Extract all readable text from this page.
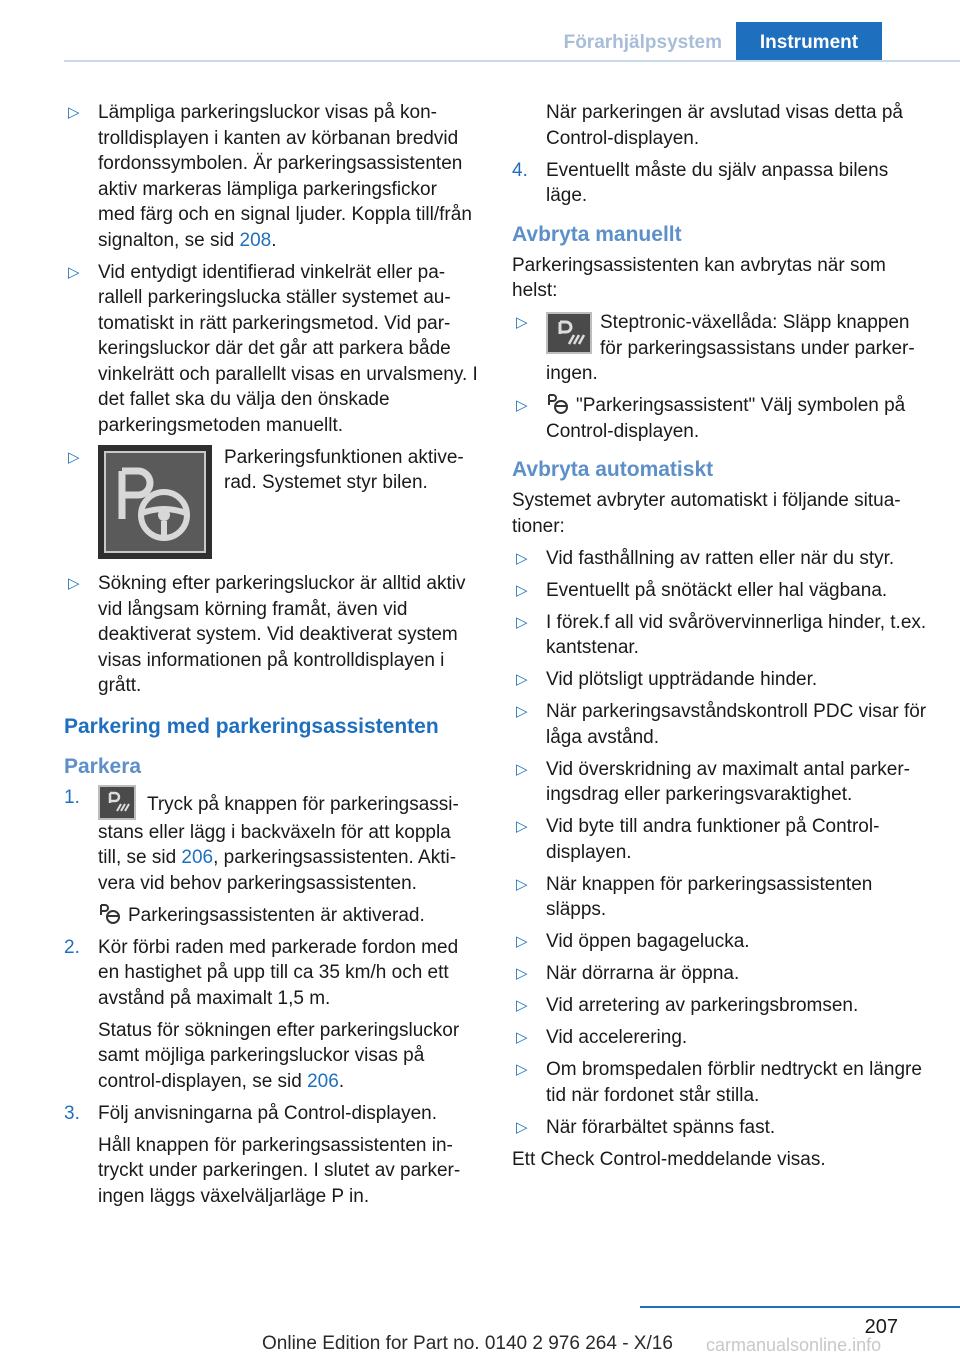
Förarhjälpsystem	Instrument
▷ Lämpliga parkeringsluckor visas på kontrolldisplayen i kanten av körbanan bredvid fordonssymbolen. Är parkeringsassistenten aktiv markeras lämpliga parkeringsfickor med färg och en signal ljuder. Koppla till/från signalton, se sid 208.
▷ Vid entydigt identifierad vinkelrät eller parallell parkeringslucka ställer systemet automatiskt in rätt parkeringsmetod. Vid parkeringsluckor där det går att parkera både vinkelrätt och parallellt visas en urvalsmeny. I det fallet ska du välja den önskade parkeringsmetoden manuellt.
▷	Parkeringsfunktionen aktiverad. Systemet styr bilen.
▷ Sökning efter parkeringsluckor är alltid aktiv vid långsam körning framåt, även vid deaktiverat system. Vid deaktiverat system visas informationen på kontrolldisplayen i grått.
Parkering med parkeringsassistenten
Parkera
1.	Tryck på knappen för parkeringsassistans eller lägg i backväxeln för att koppla till, se sid 206, parkeringsassistenten. Aktivera vid behov parkeringsassistenten.
Parkeringsassistenten är aktiverad.
2. Kör förbi raden med parkerade fordon med en hastighet på upp till ca 35 km/h och ett avstånd på maximalt 1,5 m.
Status för sökningen efter parkeringsluckor samt möjliga parkeringsluckor visas på control-displayen, se sid 206.
3. Följ anvisningarna på Control-displayen.
Håll knappen för parkeringsassistenten intryckt under parkeringen. I slutet av parkeringen läggs växelväljarläge P in.
När parkeringen är avslutad visas detta på Control-displayen.
4. Eventuellt måste du själv anpassa bilens läge.
Avbryta manuellt
Parkeringsassistenten kan avbrytas när som helst:
▷	Steptronic-växellåda: Släpp knappen för parkeringsassistans under parkeringen.
▷	"Parkeringsassistent" Välj symbolen på Control-displayen.
Avbryta automatiskt
Systemet avbryter automatiskt i följande situationer:
▷ Vid fasthållning av ratten eller när du styr.
▷ Eventuellt på snötäckt eller hal vägbana.
▷ I förek.f all vid svårövervinnerliga hinder, t.ex. kantstenar.
▷ Vid plötsligt uppträdande hinder.
▷ När parkeringsavståndskontroll PDC visar för låga avstånd.
▷ Vid överskridning av maximalt antal parkeringsdrag eller parkeringsvaraktighet.
▷ Vid byte till andra funktioner på Control-displayen.
▷ När knappen för parkeringsassistenten släpps.
▷ Vid öppen bagagelucka.
▷ När dörrarna är öppna.
▷ Vid arretering av parkeringsbromsen.
▷ Vid accelerering.
▷ Om bromspedalen förblir nedtryckt en längre tid när fordonet står stilla.
▷ När förarbältet spänns fast.
Ett Check Control-meddelande visas.
207
Online Edition for Part no. 0140 2 976 264 - X/16 carmanualsonline.info
